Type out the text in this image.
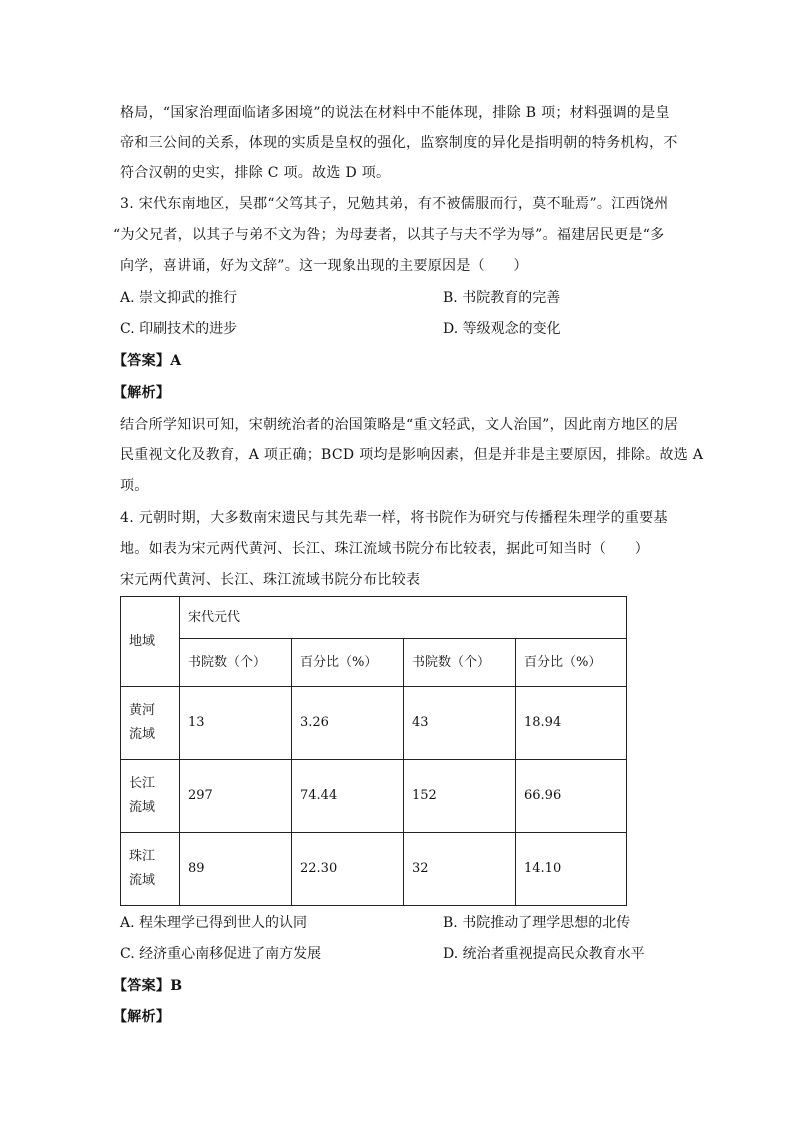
格局，“国家治理面临诸多困境”的说法在材料中不能体现，排除 B 项；材料强调的是皇
帝和三公间的关系，体现的实质是皇权的强化，监察制度的异化是指明朝的特务机构，不
符合汉朝的史实，排除 C 项。故选 D 项。
3. 宋代东南地区，吴郡“父笃其子，兄勉其弟，有不被儒服而行，莫不耻焉”。江西饶州
“为父兄者，以其子与弟不文为咎；为母妻者，以其子与夫不学为辱”。福建居民更是“多
向学，喜讲诵，好为文辞”。这一现象出现的主要原因是（　　）
A. 崇文抑武的推行	B. 书院教育的完善
C. 印刷技术的进步	D. 等级观念的变化
【答案】A
【解析】
结合所学知识可知，宋朝统治者的治国策略是“重文轻武，文人治国”，因此南方地区的居
民重视文化及教育，A 项正确；BCD 项均是影响因素，但是并非是主要原因，排除。故选 A
项。
4. 元朝时期，大多数南宋遗民与其先辈一样，将书院作为研究与传播程朱理学的重要基
地。如表为宋元两代黄河、长江、珠江流域书院分布比较表，据此可知当时（　　）
宋元两代黄河、长江、珠江流域书院分布比较表
地域	宋代元代			
	书院数（个）	百分比（%）	书院数（个）	百分比（%）

黄河
流域	13	3.26	43	18.94

长江
流域	297	74.44	152	66.96

珠江
流域	89	22.30	32	14.10
A. 程朱理学已得到世人的认同	B. 书院推动了理学思想的北传
C. 经济重心南移促进了南方发展	D. 统治者重视提高民众教育水平
【答案】B
【解析】
